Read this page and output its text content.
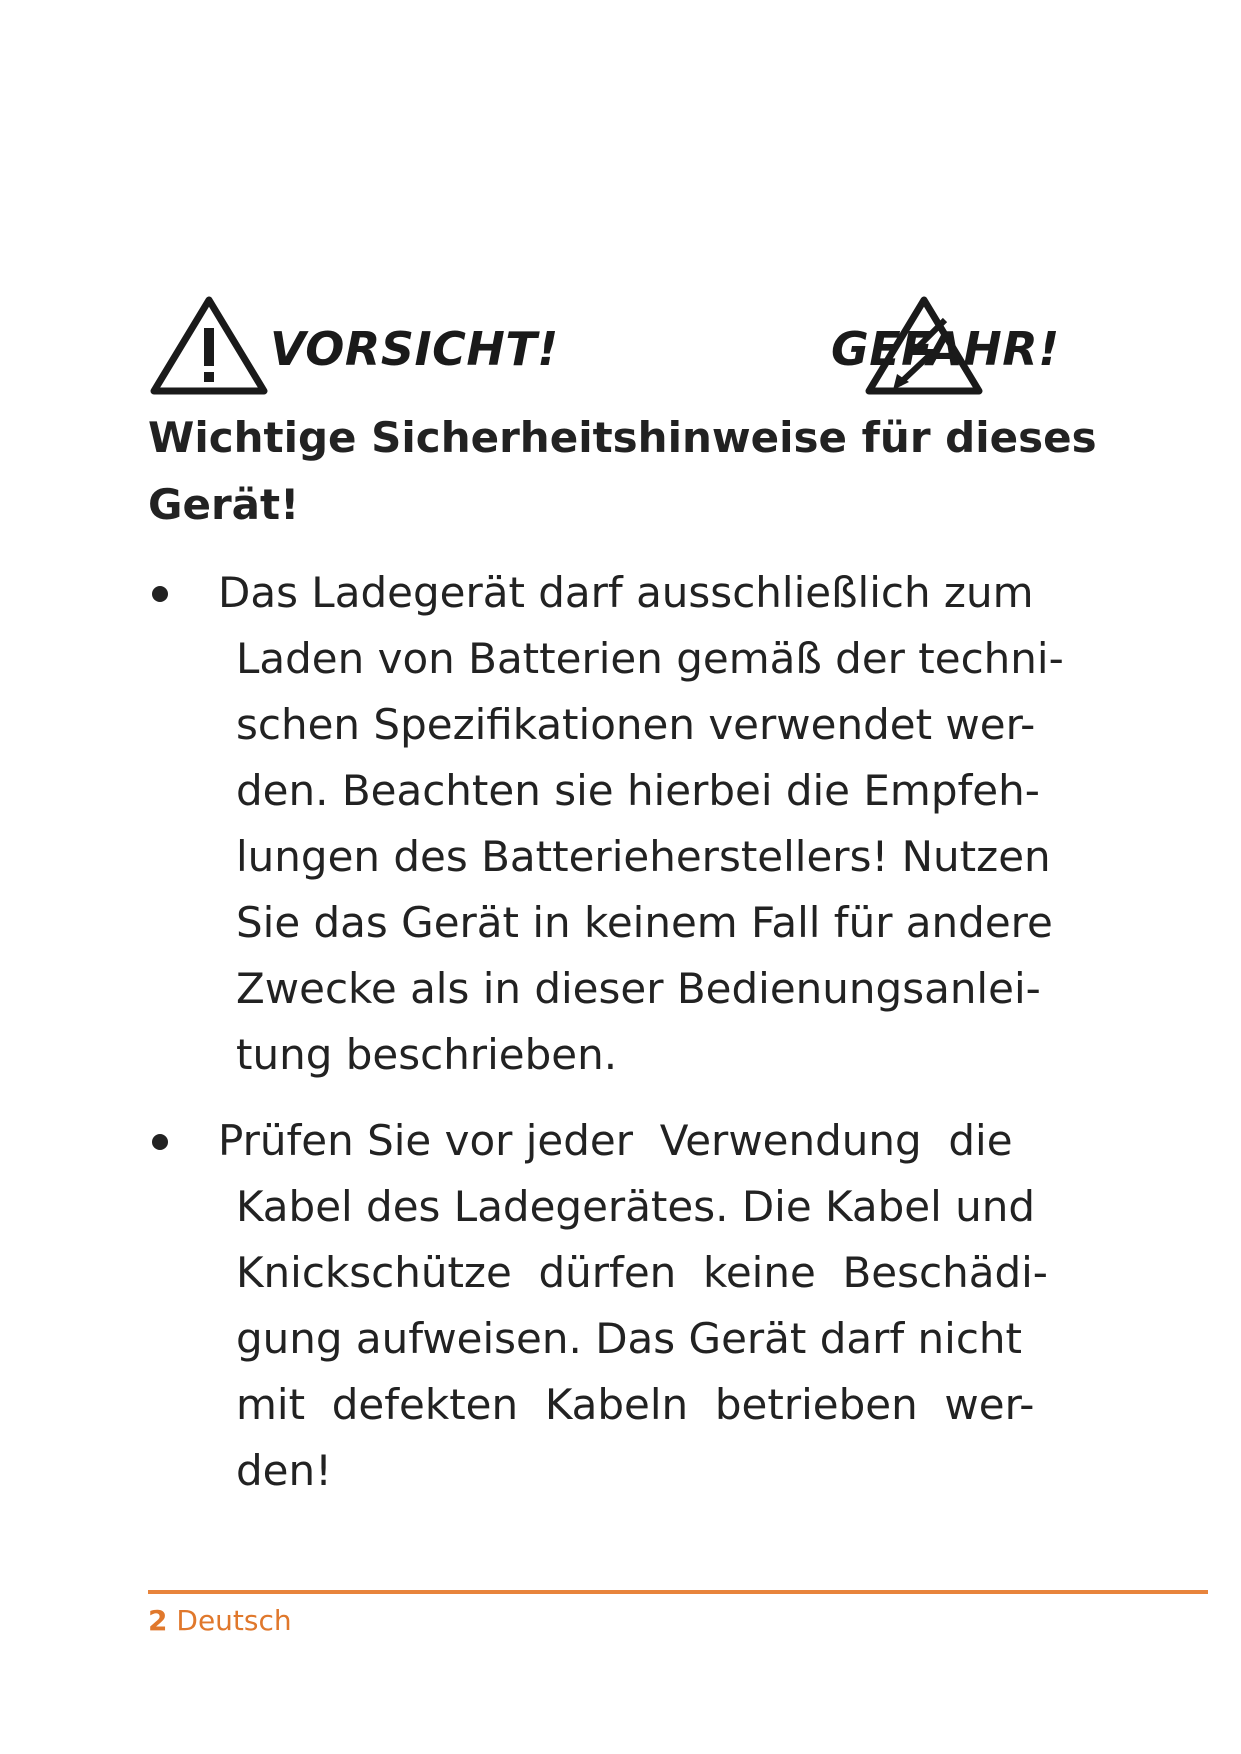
VORSICHT!	GEFAHR!
Wichtige Sicherheitshinweise für dieses
Gerät!
Das Ladegerät darf ausschließlich zum
Laden von Batterien gemäß der techni-
schen Spezifikationen verwendet wer-
den. Beachten sie hierbei die Empfeh-
lungen des Batterieherstellers! Nutzen
Sie das Gerät in keinem Fall für andere
Zwecke als in dieser Bedienungsanlei-
tung beschrieben.
Prüfen Sie vor jeder  Verwendung  die
Kabel des Ladegerätes. Die Kabel und
Knickschütze  dürfen  keine  Beschädi-
gung aufweisen. Das Gerät darf nicht
mit  defekten  Kabeln  betrieben  wer-
den!
2 Deutsch
